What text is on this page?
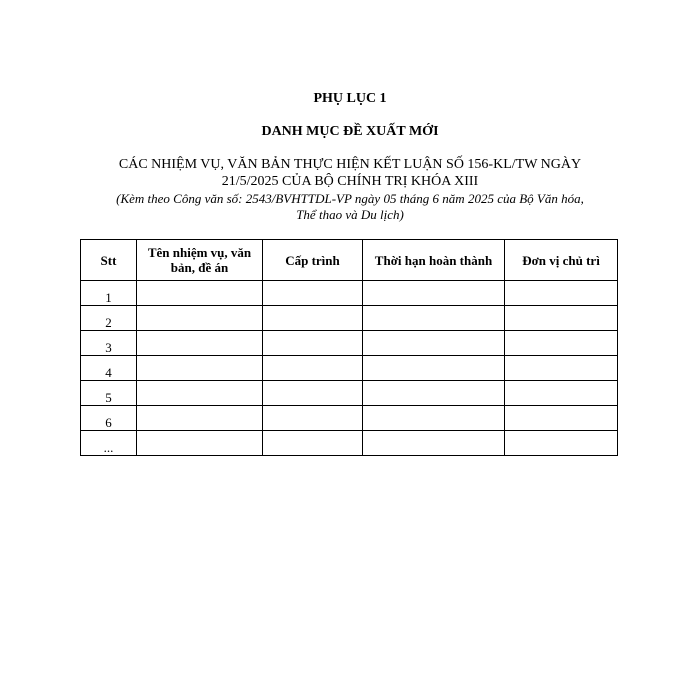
PHỤ LỤC 1
DANH MỤC ĐỀ XUẤT MỚI
CÁC NHIỆM VỤ, VĂN BẢN THỰC HIỆN KẾT LUẬN SỐ 156-KL/TW NGÀY
21/5/2025 CỦA BỘ CHÍNH TRỊ KHÓA XIII
(Kèm theo Công văn số: 2543/BVHTTDL-VP ngày 05 tháng 6 năm 2025 của Bộ Văn hóa,
Thể thao và Du lịch)
Stt	Tên nhiệm vụ, văn bản, đề án	Cấp trình	Thời hạn hoàn thành	Đơn vị chủ trì
1				
2				
3				
4				
5				
6				
...				
